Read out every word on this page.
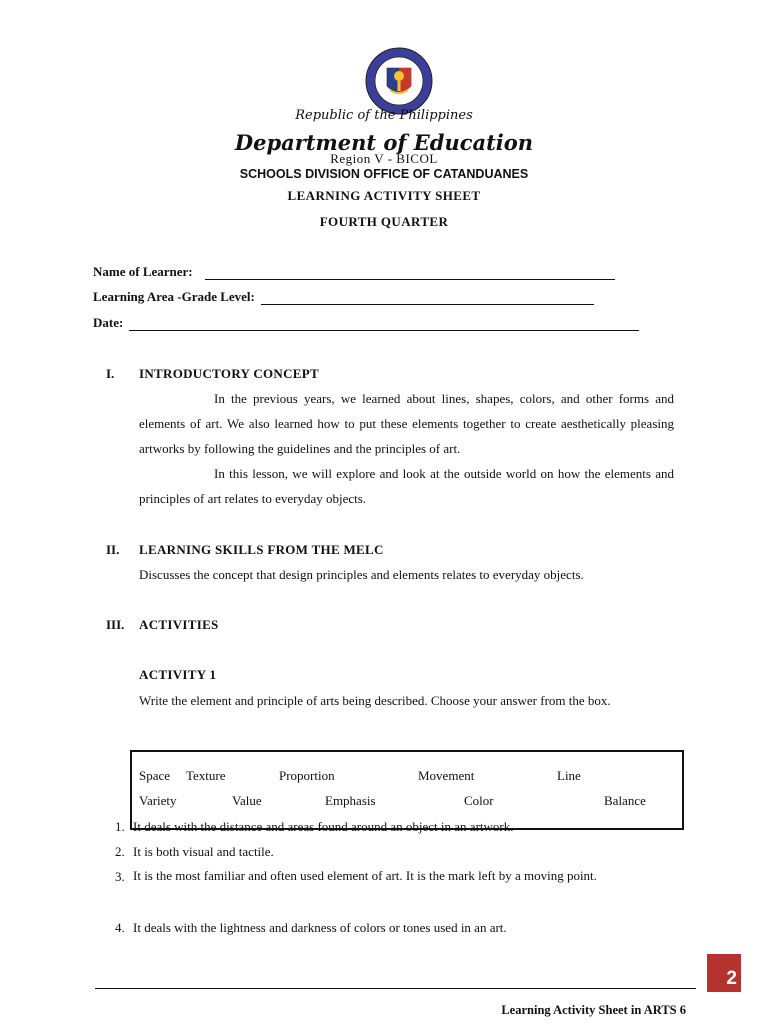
Republic of the Philippines
Department of Education
Region V - BICOL
SCHOOLS DIVISION OFFICE OF CATANDUANES
LEARNING ACTIVITY SHEET
FOURTH QUARTER
Name of Learner:
Learning Area -Grade Level:
Date:
I. INTRODUCTORY CONCEPT
In the previous years, we learned about lines, shapes, colors, and other forms and elements of art. We also learned how to put these elements together to create aesthetically pleasing artworks by following the guidelines and the principles of art.
In this lesson, we will explore and look at the outside world on how the elements and principles of art relates to everyday objects.
II. LEARNING SKILLS FROM THE MELC
Discusses the concept that design principles and elements relates to everyday objects.
III. ACTIVITIES
ACTIVITY 1
Write the element and principle of arts being described. Choose your answer from the box.
Space Texture	Proportion	Movement	Line
Variety	Value	Emphasis	Color	Balance
1. It deals with the distance and areas found around an object in an artwork.
2. It is both visual and tactile.
3. It is the most familiar and often used element of art. It is the mark left by a moving point.
4. It deals with the lightness and darkness of colors or tones used in an art.
2
Learning Activity Sheet in ARTS 6
